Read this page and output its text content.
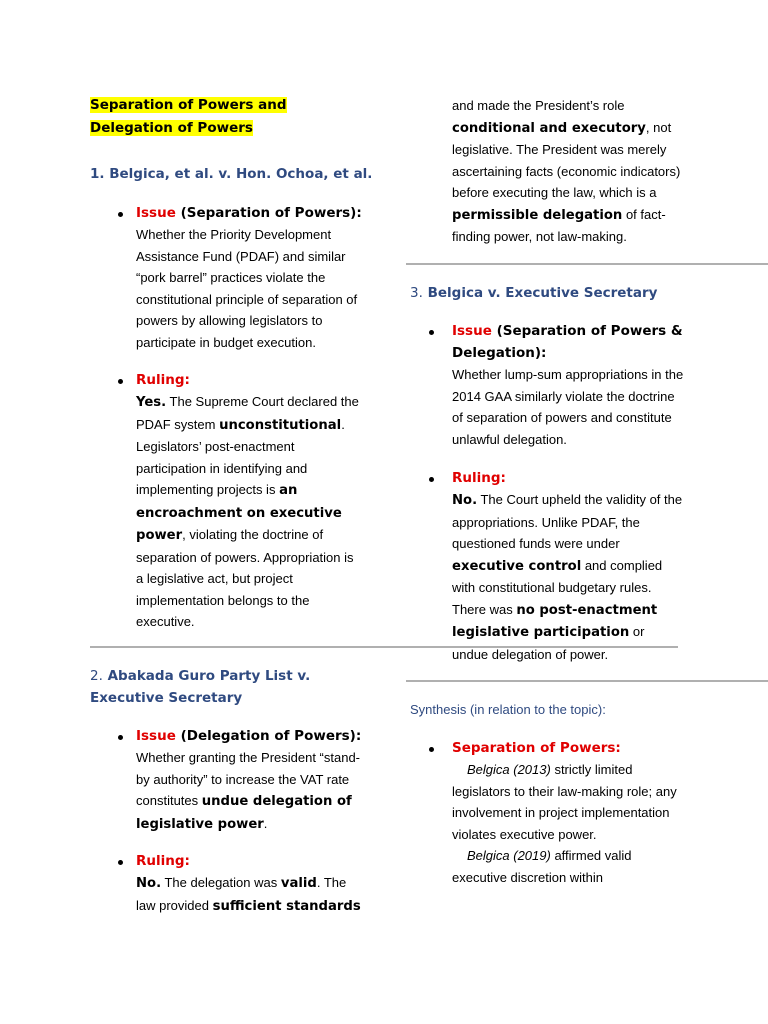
Separation of Powers and Delegation of Powers
1. Belgica, et al. v. Hon. Ochoa, et al.
Issue (Separation of Powers):
Whether the Priority Development Assistance Fund (PDAF) and similar “pork barrel” practices violate the constitutional principle of separation of powers by allowing legislators to participate in budget execution.
Ruling:
Yes. The Supreme Court declared the PDAF system unconstitutional. Legislators’ post-enactment participation in identifying and implementing projects is an encroachment on executive power, violating the doctrine of separation of powers. Appropriation is a legislative act, but project implementation belongs to the executive.
2. Abakada Guro Party List v. Executive Secretary
Issue (Delegation of Powers):
Whether granting the President “stand-by authority” to increase the VAT rate constitutes undue delegation of legislative power.
Ruling:
No. The delegation was valid. The law provided sufficient standards
and made the President’s role conditional and executory, not legislative. The President was merely ascertaining facts (economic indicators) before executing the law, which is a permissible delegation of fact-finding power, not law-making.
3. Belgica v. Executive Secretary
Issue (Separation of Powers & Delegation):
Whether lump-sum appropriations in the 2014 GAA similarly violate the doctrine of separation of powers and constitute unlawful delegation.
Ruling:
No. The Court upheld the validity of the appropriations. Unlike PDAF, the questioned funds were under executive control and complied with constitutional budgetary rules. There was no post-enactment legislative participation or undue delegation of power.
Synthesis (in relation to the topic):
Separation of Powers:
Belgica (2013) strictly limited legislators to their law-making role; any involvement in project implementation violates executive power.
Belgica (2019) affirmed valid executive discretion within
